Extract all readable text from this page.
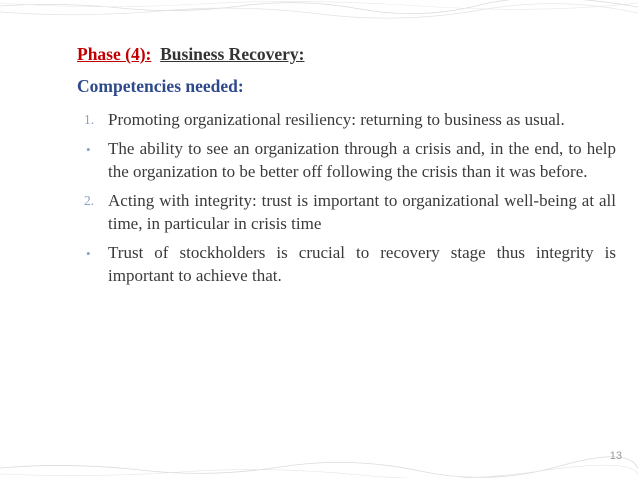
Phase (4): Business Recovery:
Competencies needed:
1. Promoting organizational resiliency: returning to business as usual.
• The ability to see an organization through a crisis and, in the end, to help the organization to be better off following the crisis than it was before.
2. Acting with integrity: trust is important to organizational well-being at all time, in particular in crisis time
• Trust of stockholders is crucial to recovery stage thus integrity is important to achieve that.
13
